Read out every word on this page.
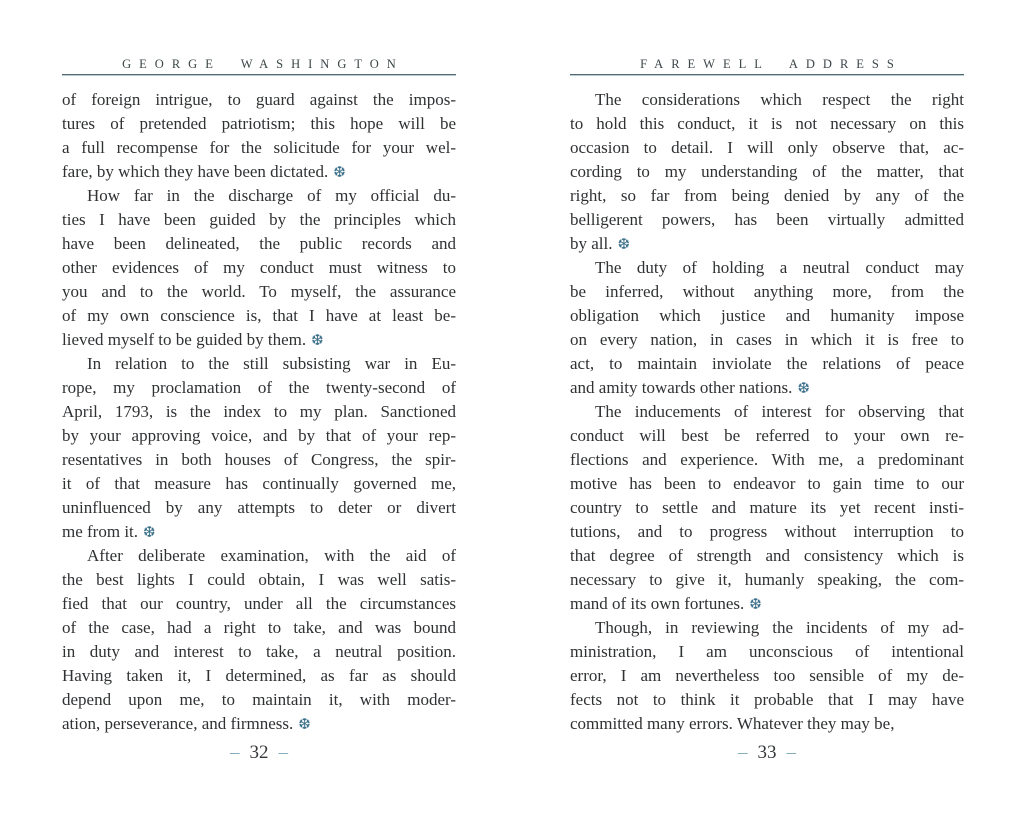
GEORGE WASHINGTON
of foreign intrigue, to guard against the impos-
tures of pretended patriotism; this hope will be
a full recompense for the solicitude for your wel-
fare, by which they have been dictated. ❆
How far in the discharge of my official du-
ties I have been guided by the principles which
have been delineated, the public records and
other evidences of my conduct must witness to
you and to the world. To myself, the assurance
of my own conscience is, that I have at least be-
lieved myself to be guided by them. ❆
In relation to the still subsisting war in Eu-
rope, my proclamation of the twenty-second of
April, 1793, is the index to my plan. Sanctioned
by your approving voice, and by that of your rep-
resentatives in both houses of Congress, the spir-
it of that measure has continually governed me,
uninfluenced by any attempts to deter or divert
me from it. ❆
After deliberate examination, with the aid of
the best lights I could obtain, I was well satis-
fied that our country, under all the circumstances
of the case, had a right to take, and was bound
in duty and interest to take, a neutral position.
Having taken it, I determined, as far as should
depend upon me, to maintain it, with moder-
ation, perseverance, and firmness. ❆
– 32 –
FAREWELL ADDRESS
The considerations which respect the right
to hold this conduct, it is not necessary on this
occasion to detail. I will only observe that, ac-
cording to my understanding of the matter, that
right, so far from being denied by any of the
belligerent powers, has been virtually admitted
by all. ❆
The duty of holding a neutral conduct may
be inferred, without anything more, from the
obligation which justice and humanity impose
on every nation, in cases in which it is free to
act, to maintain inviolate the relations of peace
and amity towards other nations. ❆
The inducements of interest for observing that
conduct will best be referred to your own re-
flections and experience. With me, a predominant
motive has been to endeavor to gain time to our
country to settle and mature its yet recent insti-
tutions, and to progress without interruption to
that degree of strength and consistency which is
necessary to give it, humanly speaking, the com-
mand of its own fortunes. ❆
Though, in reviewing the incidents of my ad-
ministration, I am unconscious of intentional
error, I am nevertheless too sensible of my de-
fects not to think it probable that I may have
committed many errors. Whatever they may be,
– 33 –
